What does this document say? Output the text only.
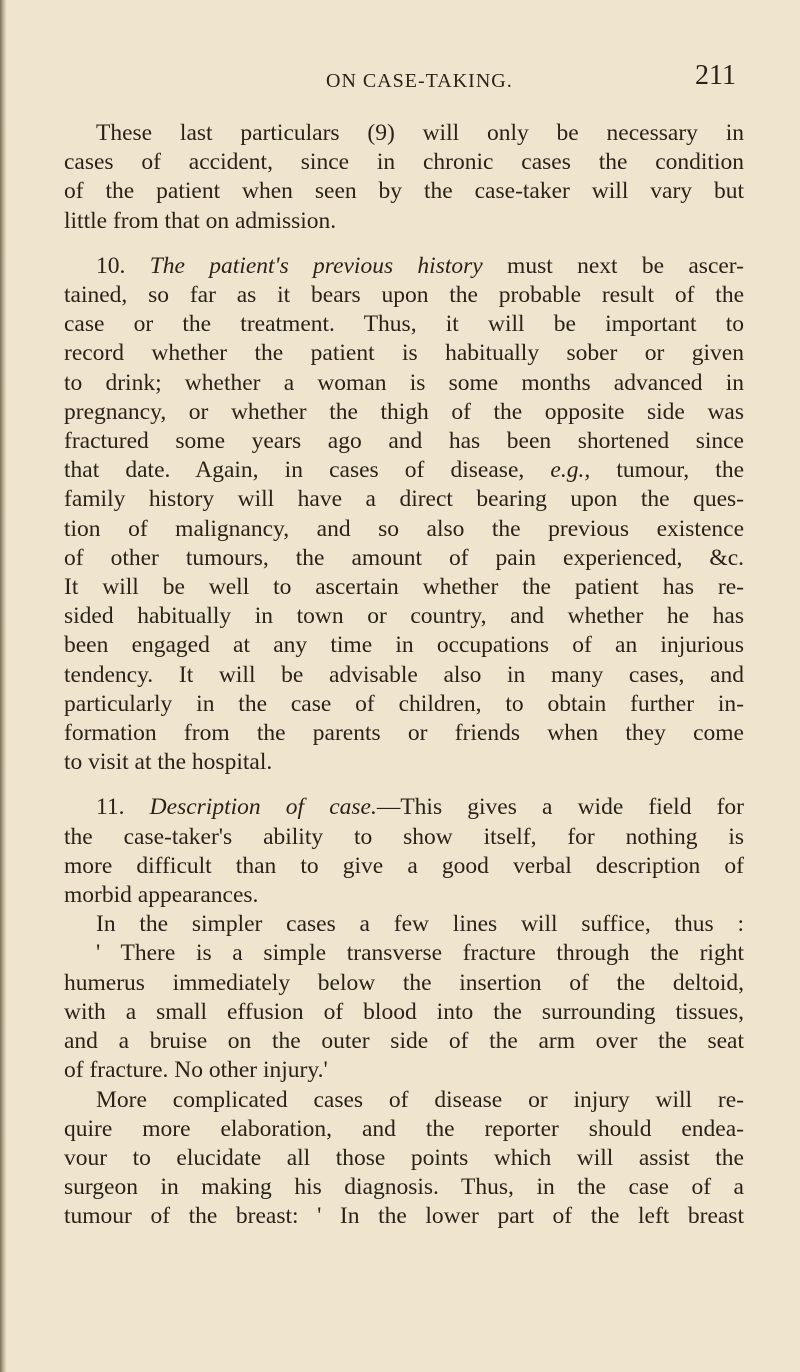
ON CASE-TAKING.	211

These last particulars (9) will only be necessary in

cases of accident, since in chronic cases the condition

of the patient when seen by the case-taker will vary but

little from that on admission.

10. The patient's previous history must next be ascer-

tained, so far as it bears upon the probable result of the

case or the treatment. Thus, it will be important to

record whether the patient is habitually sober or given

to drink; whether a woman is some months advanced in

pregnancy, or whether the thigh of the opposite side was

fractured some years ago and has been shortened since

that date. Again, in cases of disease, e.g., tumour, the

family history will have a direct bearing upon the ques-

tion of malignancy, and so also the previous existence

of other tumours, the amount of pain experienced, &c.

It will be well to ascertain whether the patient has re-

sided habitually in town or country, and whether he has

been engaged at any time in occupations of an injurious

tendency. It will be advisable also in many cases, and

particularly in the case of children, to obtain further in-

formation from the parents or friends when they come

to visit at the hospital.

11. Description of case.—This gives a wide field for

the case-taker's ability to show itself, for nothing is

more difficult than to give a good verbal description of

morbid appearances.

In the simpler cases a few lines will suffice, thus :

' There is a simple transverse fracture through the right

humerus immediately below the insertion of the deltoid,

with a small effusion of blood into the surrounding tissues,

and a bruise on the outer side of the arm over the seat

of fracture. No other injury.'

More complicated cases of disease or injury will re-

quire more elaboration, and the reporter should endea-

vour to elucidate all those points which will assist the

surgeon in making his diagnosis. Thus, in the case of a

tumour of the breast: ' In the lower part of the left breast
